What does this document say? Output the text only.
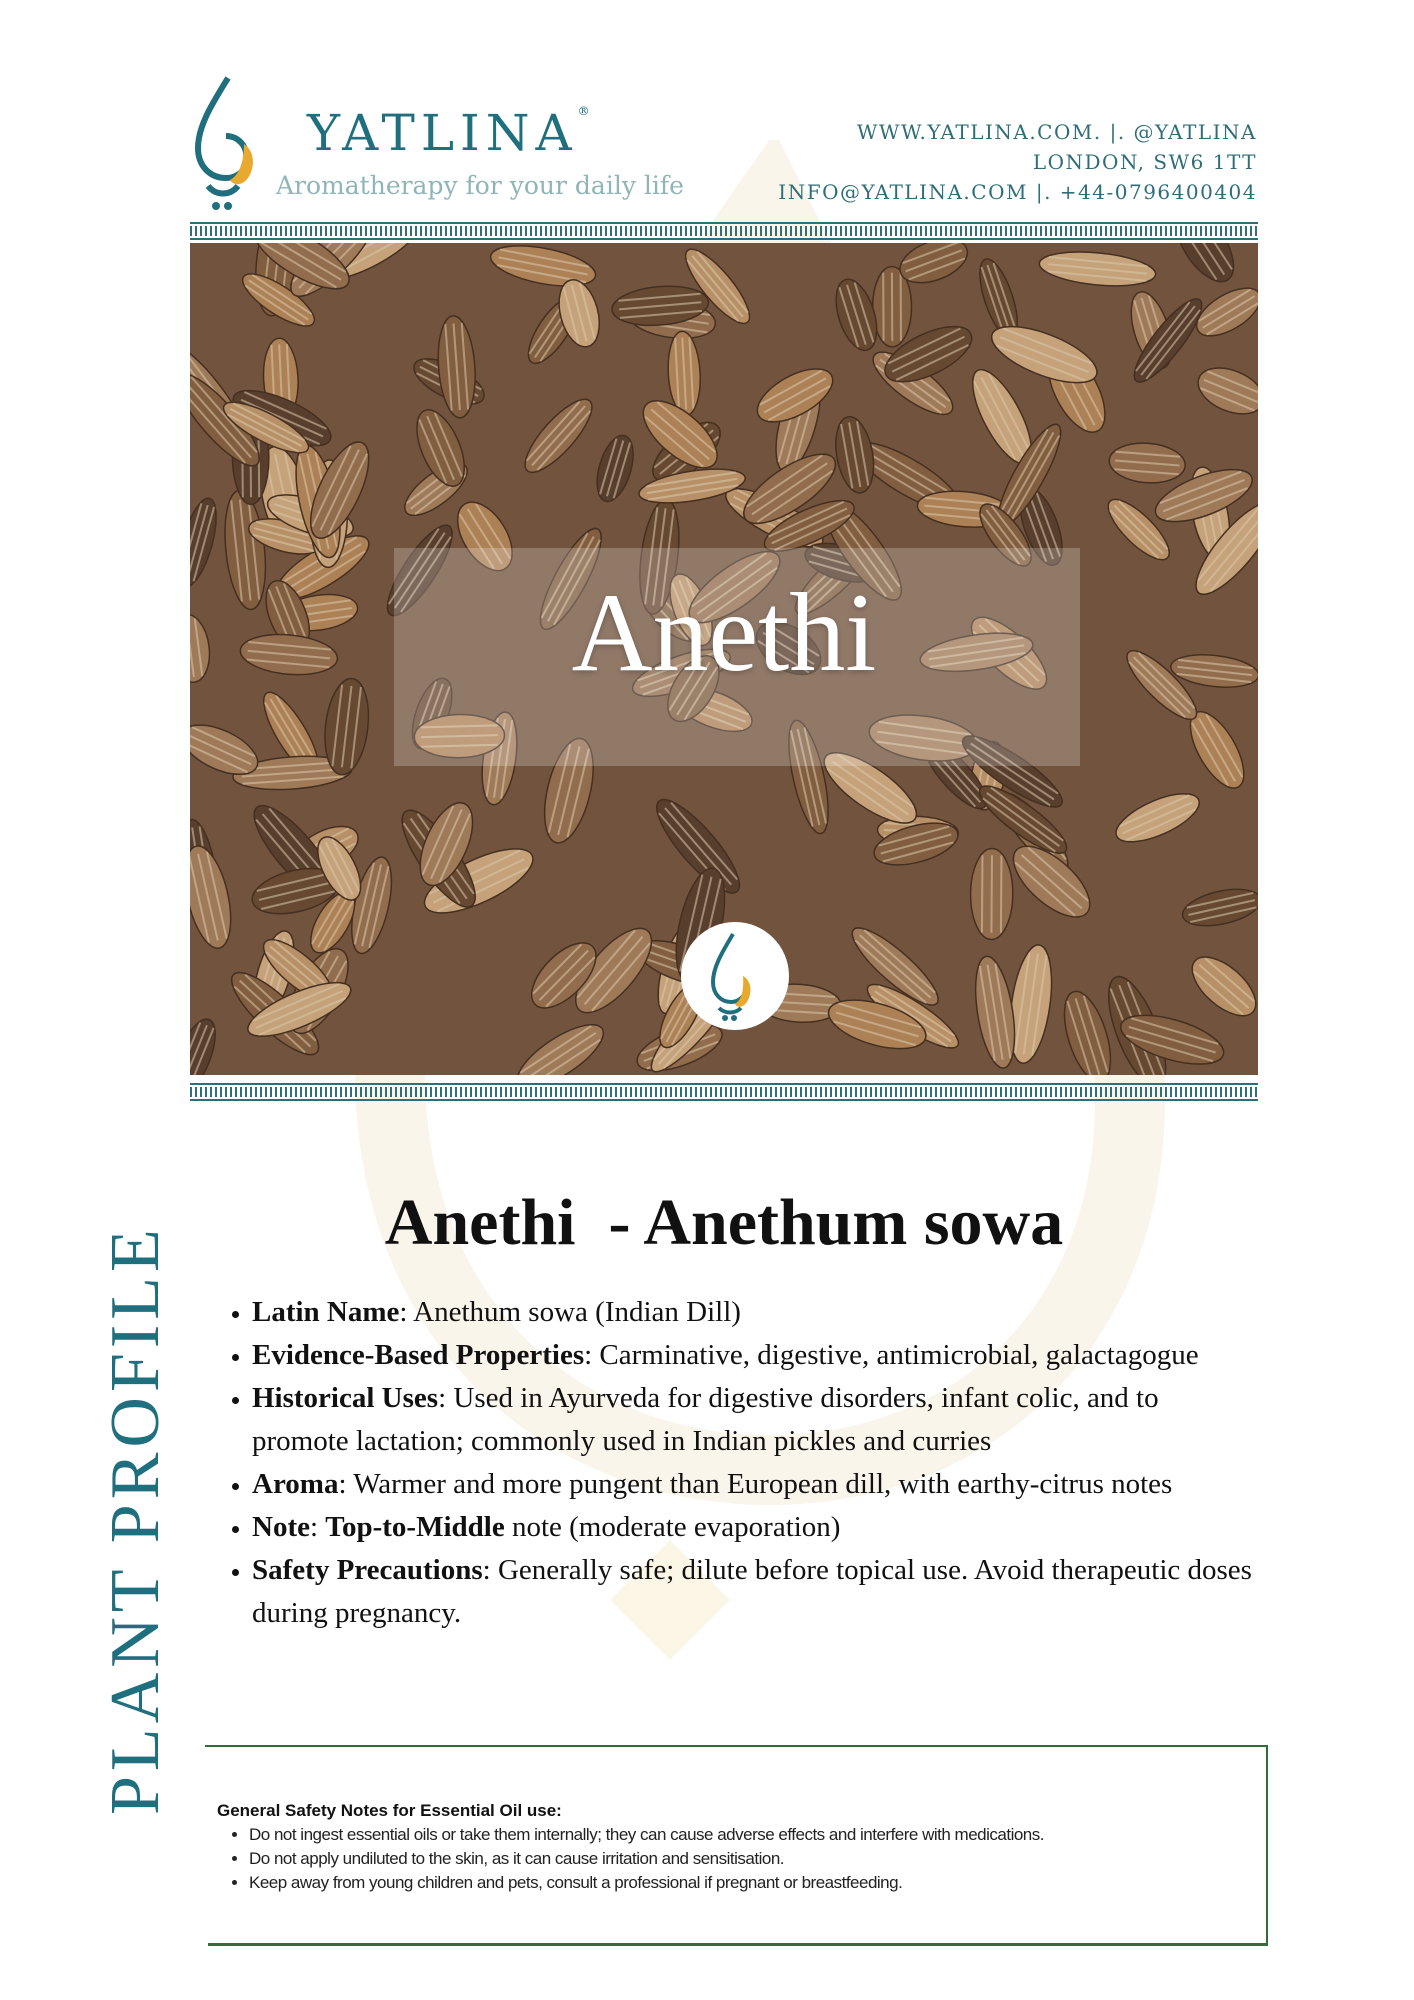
YATLINA®
Aromatherapy for your daily life
WWW.YATLINA.COM. |. @YATLINA
LONDON, SW6 1TT
INFO@YATLINA.COM |. +44-0796400404
Anethi
PLANT PROFILE
Anethi  - Anethum sowa
• Latin Name: Anethum sowa (Indian Dill)
• Evidence-Based Properties: Carminative, digestive, antimicrobial, galactagogue
• Historical Uses: Used in Ayurveda for digestive disorders, infant colic, and to promote lactation; commonly used in Indian pickles and curries
• Aroma: Warmer and more pungent than European dill, with earthy-citrus notes
• Note: Top-to-Middle note (moderate evaporation)
• Safety Precautions: Generally safe; dilute before topical use. Avoid therapeutic doses during pregnancy.
General Safety Notes for Essential Oil use:
• Do not ingest essential oils or take them internally; they can cause adverse effects and interfere with medications.
• Do not apply undiluted to the skin, as it can cause irritation and sensitisation.
• Keep away from young children and pets, consult a professional if pregnant or breastfeeding.
